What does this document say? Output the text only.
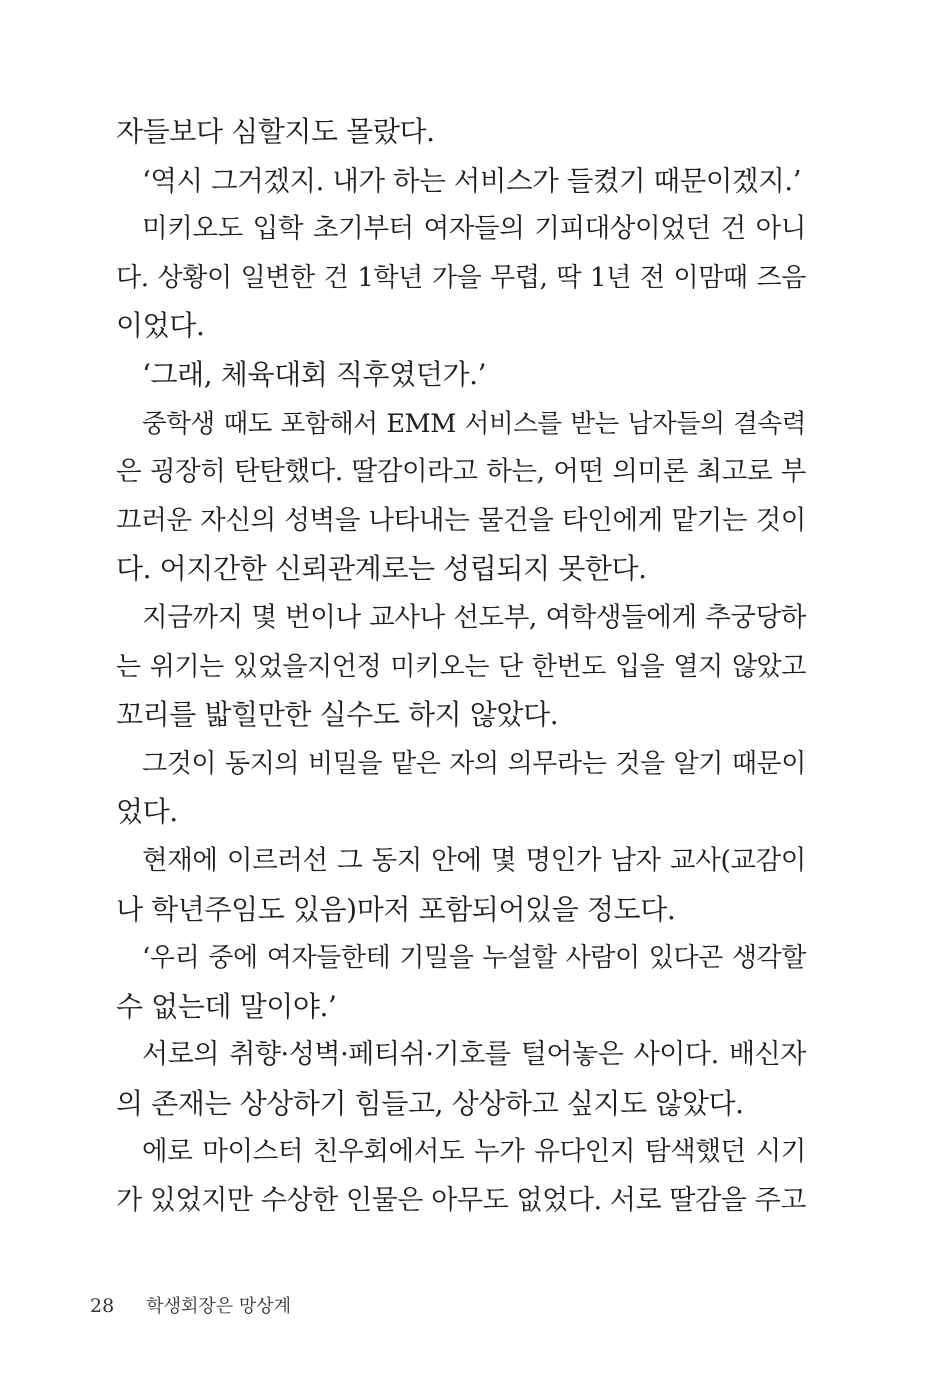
자들보다 심할지도 몰랐다.
‘역시 그거겠지. 내가 하는 서비스가 들켰기 때문이겠지.’
미키오도 입학 초기부터 여자들의 기피대상이었던 건 아니
다. 상황이 일변한 건 1학년 가을 무렵, 딱 1년 전 이맘때 즈음
이었다.
‘그래, 체육대회 직후였던가.’
중학생 때도 포함해서 EMM 서비스를 받는 남자들의 결속력
은 굉장히 탄탄했다. 딸감이라고 하는, 어떤 의미론 최고로 부
끄러운 자신의 성벽을 나타내는 물건을 타인에게 맡기는 것이
다. 어지간한 신뢰관계로는 성립되지 못한다.
지금까지 몇 번이나 교사나 선도부, 여학생들에게 추궁당하
는 위기는 있었을지언정 미키오는 단 한번도 입을 열지 않았고
꼬리를 밟힐만한 실수도 하지 않았다.
그것이 동지의 비밀을 맡은 자의 의무라는 것을 알기 때문이
었다.
현재에 이르러선 그 동지 안에 몇 명인가 남자 교사(교감이
나 학년주임도 있음)마저 포함되어있을 정도다.
‘우리 중에 여자들한테 기밀을 누설할 사람이 있다곤 생각할
수 없는데 말이야.’
서로의 취향·성벽·페티쉬·기호를 털어놓은 사이다. 배신자
의 존재는 상상하기 힘들고, 상상하고 싶지도 않았다.
에로 마이스터 친우회에서도 누가 유다인지 탐색했던 시기
가 있었지만 수상한 인물은 아무도 없었다. 서로 딸감을 주고
28 학생회장은 망상계
